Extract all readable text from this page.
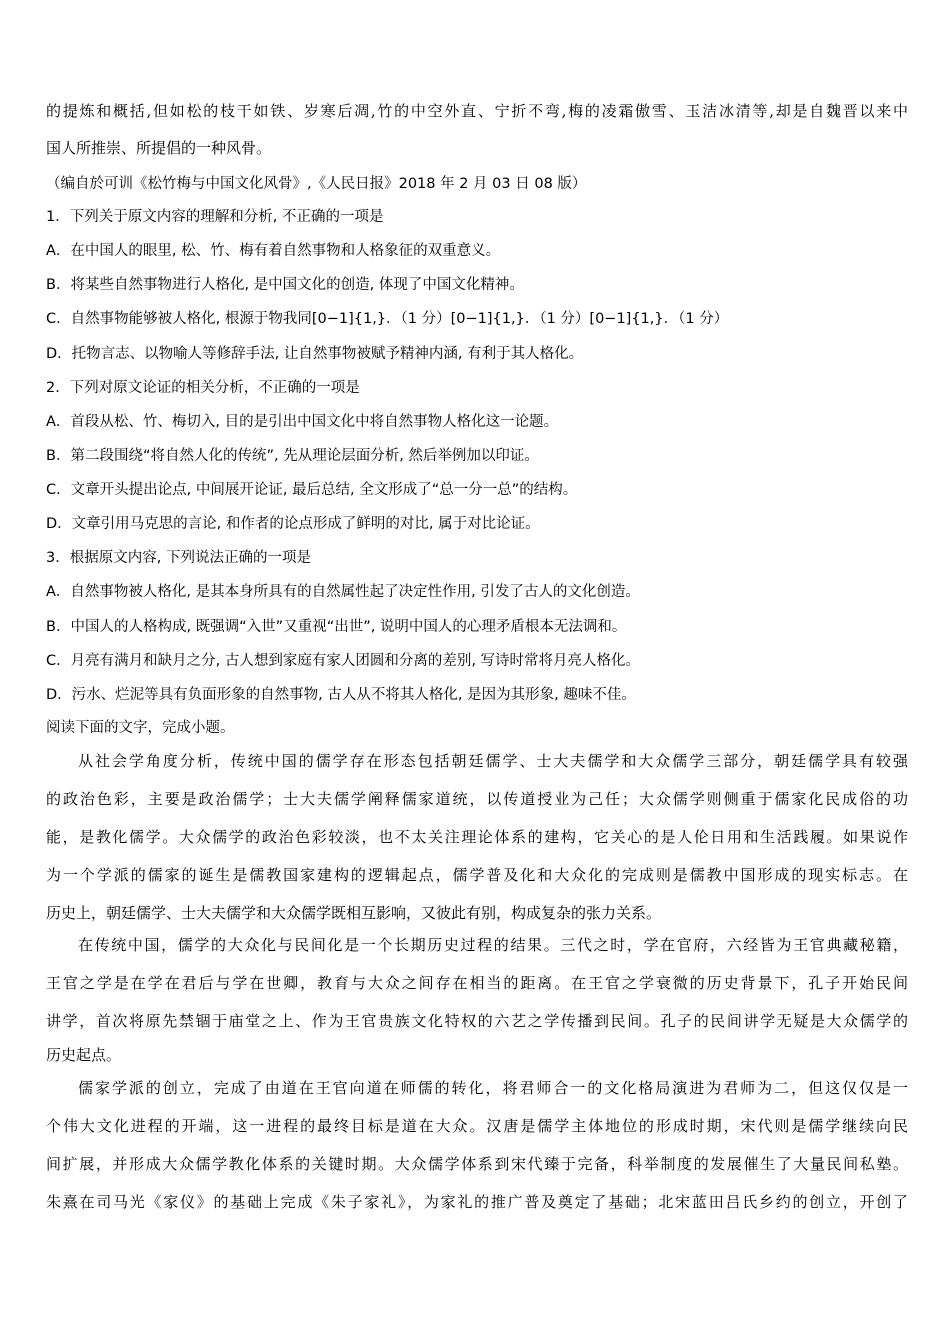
的提炼和概括,但如松的枝干如铁、岁寒后凋,竹的中空外直、宁折不弯,梅的凌霜傲雪、玉洁冰清等,却是自魏晋以来中
国人所推崇、所提倡的一种风骨。
（编自於可训《松竹梅与中国文化风骨》,《人民日报》2018 年 2 月 03 日 08 版）
1．下列关于原文内容的理解和分析, 不正确的一项是
A．在中国人的眼里, 松、竹、梅有着自然事物和人格象征的双重意义。
B．将某些自然事物进行人格化, 是中国文化的创造, 体现了中国文化精神。
C．自然事物能够被人格化, 根源于物我同[0−1]{1,}．（1 分）[0−1]{1,}．（1 分）[0−1]{1,}．（1 分）
D．托物言志、以物喻人等修辞手法, 让自然事物被赋予精神内涵, 有利于其人格化。
2．下列对原文论证的相关分析，不正确的一项是
A．首段从松、竹、梅切入, 目的是引出中国文化中将自然事物人格化这一论题。
B．第二段围绕“将自然人化的传统”, 先从理论层面分析, 然后举例加以印证。
C．文章开头提出论点, 中间展开论证, 最后总结, 全文形成了“总一分一总”的结构。
D．文章引用马克思的言论, 和作者的论点形成了鲜明的对比, 属于对比论证。
3．根据原文内容, 下列说法正确的一项是
A．自然事物被人格化, 是其本身所具有的自然属性起了决定性作用, 引发了古人的文化创造。
B．中国人的人格构成, 既强调“入世”又重视“出世”, 说明中国人的心理矛盾根本无法调和。
C．月亮有满月和缺月之分, 古人想到家庭有家人团圆和分离的差别, 写诗时常将月亮人格化。
D．污水、烂泥等具有负面形象的自然事物, 古人从不将其人格化, 是因为其形象, 趣味不佳。
阅读下面的文字，完成小题。
从社会学角度分析，传统中国的儒学存在形态包括朝廷儒学、士大夫儒学和大众儒学三部分，朝廷儒学具有较强
的政治色彩，主要是政治儒学；士大夫儒学阐释儒家道统，以传道授业为己任；大众儒学则侧重于儒家化民成俗的功
能，是教化儒学。大众儒学的政治色彩较淡，也不太关注理论体系的建构，它关心的是人伦日用和生活践履。如果说作
为一个学派的儒家的诞生是儒教国家建构的逻辑起点，儒学普及化和大众化的完成则是儒教中国形成的现实标志。在
历史上，朝廷儒学、士大夫儒学和大众儒学既相互影响，又彼此有别，构成复杂的张力关系。
在传统中国，儒学的大众化与民间化是一个长期历史过程的结果。三代之时，学在官府，六经皆为王官典藏秘籍，
王官之学是在学在君后与学在世卿，教育与大众之间存在相当的距离。在王官之学衰微的历史背景下，孔子开始民间
讲学，首次将原先禁锢于庙堂之上、作为王官贵族文化特权的六艺之学传播到民间。孔子的民间讲学无疑是大众儒学的
历史起点。
儒家学派的创立，完成了由道在王官向道在师儒的转化，将君师合一的文化格局演进为君师为二，但这仅仅是一
个伟大文化进程的开端，这一进程的最终目标是道在大众。汉唐是儒学主体地位的形成时期，宋代则是儒学继续向民
间扩展，并形成大众儒学教化体系的关键时期。大众儒学体系到宋代臻于完备，科举制度的发展催生了大量民间私塾。
朱熹在司马光《家仪》的基础上完成《朱子家礼》，为家礼的推广普及奠定了基础；北宋蓝田吕氏乡约的创立，开创了
